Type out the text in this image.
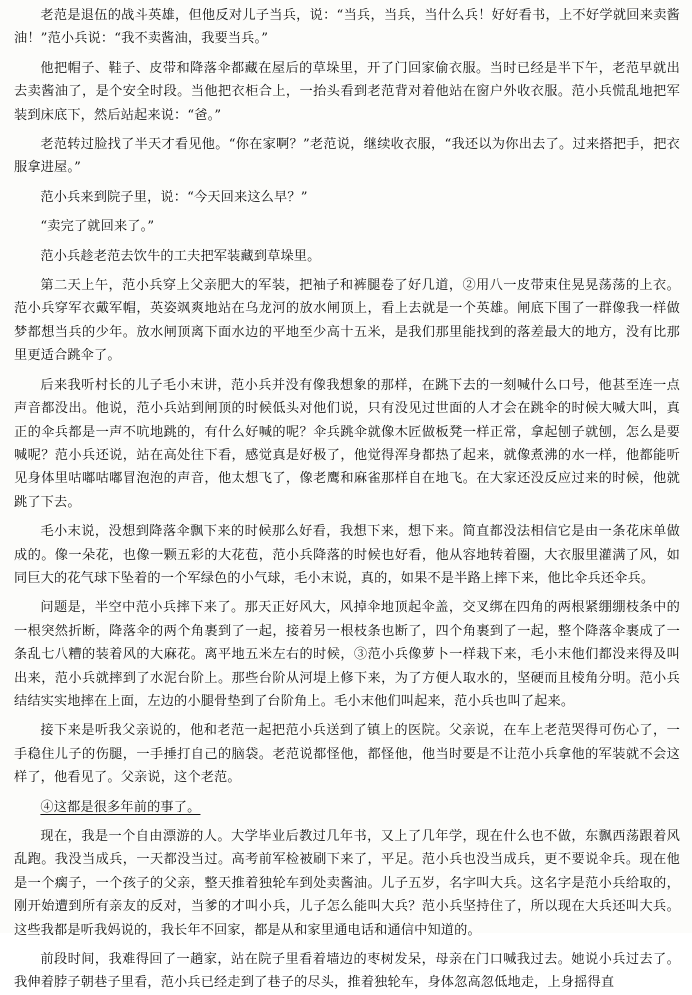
老范是退伍的战斗英雄，但他反对儿子当兵，说：“当兵，当兵，当什么兵！好好看书，上不好学就回来卖酱油！”范小兵说：“我不卖酱油，我要当兵。”

他把帽子、鞋子、皮带和降落伞都藏在屋后的草垛里，开了门回家偷衣服。当时已经是半下午，老范早就出去卖酱油了，是个安全时段。当他把衣柜合上，一抬头看到老范背对着他站在窗户外收衣服。范小兵慌乱地把军装到床底下，然后站起来说：“爸。”

老范转过脸找了半天才看见他。“你在家啊？”老范说，继续收衣服，“我还以为你出去了。过来搭把手，把衣服拿进屋。”

范小兵来到院子里，说：“今天回来这么早？”

“卖完了就回来了。”

范小兵趁老范去饮牛的工夫把军装藏到草垛里。

第二天上午，范小兵穿上父亲肥大的军装，把袖子和裤腿卷了好几道，②用八一皮带束住晃晃荡荡的上衣。范小兵穿军衣戴军帽，英姿飒爽地站在乌龙河的放水闸顶上，看上去就是一个英雄。闸底下围了一群像我一样做梦都想当兵的少年。放水闸顶离下面水边的平地至少高十五米，是我们那里能找到的落差最大的地方，没有比那里更适合跳伞了。

后来我听村长的儿子毛小末讲，范小兵并没有像我想象的那样，在跳下去的一刻喊什么口号，他甚至连一点声音都没出。他说，范小兵站到闸顶的时候低头对他们说，只有没见过世面的人才会在跳伞的时候大喊大叫，真正的伞兵都是一声不吭地跳的，有什么好喊的呢？伞兵跳伞就像木匠做板凳一样正常，拿起刨子就刨，怎么是要喊呢？范小兵还说，站在高处往下看，感觉真是好极了，他觉得浑身都热了起来，就像煮沸的水一样，他都能听见身体里咕嘟咕嘟冒泡泡的声音，他太想飞了，像老鹰和麻雀那样自在地飞。在大家还没反应过来的时候，他就跳了下去。

毛小末说，没想到降落伞飘下来的时候那么好看，我想下来，想下来。简直都没法相信它是由一条花床单做成的。像一朵花，也像一颗五彩的大花苞，范小兵降落的时候也好看，他从容地转着圈，大衣服里灌满了风，如同巨大的花气球下坠着的一个军绿色的小气球，毛小末说，真的，如果不是半路上摔下来，他比伞兵还伞兵。

问题是，半空中范小兵摔下来了。那天正好风大，风掉伞地顶起伞盖，交叉绑在四角的两根紧绷绷枝条中的一根突然折断，降落伞的两个角裹到了一起，接着另一根枝条也断了，四个角裹到了一起，整个降落伞裹成了一条乱七八糟的装着风的大麻花。离平地五米左右的时候，③范小兵像萝卜一样栽下来，毛小末他们都没来得及叫出来，范小兵就摔到了水泥台阶上。那些台阶从河堤上修下来，为了方便人取水的，坚硬而且棱角分明。范小兵结结实实地摔在上面，左边的小腿骨垫到了台阶角上。毛小末他们叫起来，范小兵也叫了起来。

接下来是听我父亲说的，他和老范一起把范小兵送到了镇上的医院。父亲说，在车上老范哭得可伤心了，一手稳住儿子的伤腿，一手捶打自己的脑袋。老范说都怪他，都怪他，他当时要是不让范小兵拿他的军装就不会这样了，他看见了。父亲说，这个老范。

④这都是很多年前的事了。

现在，我是一个自由漂游的人。大学毕业后教过几年书，又上了几年学，现在什么也不做，东飘西荡跟着风乱跑。我没当成兵，一天都没当过。高考前军检被刷下来了，平足。范小兵也没当成兵，更不要说伞兵。现在他是一个瘸子，一个孩子的父亲，整天推着独轮车到处卖酱油。儿子五岁，名字叫大兵。这名字是范小兵给取的，刚开始遭到所有亲友的反对，当爹的才叫小兵，儿子怎么能叫大兵？范小兵坚持住了，所以现在大兵还叫大兵。这些我都是听我妈说的，我长年不回家，都是从和家里通电话和通信中知道的。

前段时间，我难得回了一趟家，站在院子里看着墙边的枣树发呆，母亲在门口喊我过去。她说小兵过去了。我伸着脖子朝巷子里看，范小兵已经走到了巷子的尽头，推着独轮车，身体忽高忽低地走，上身摇得直
